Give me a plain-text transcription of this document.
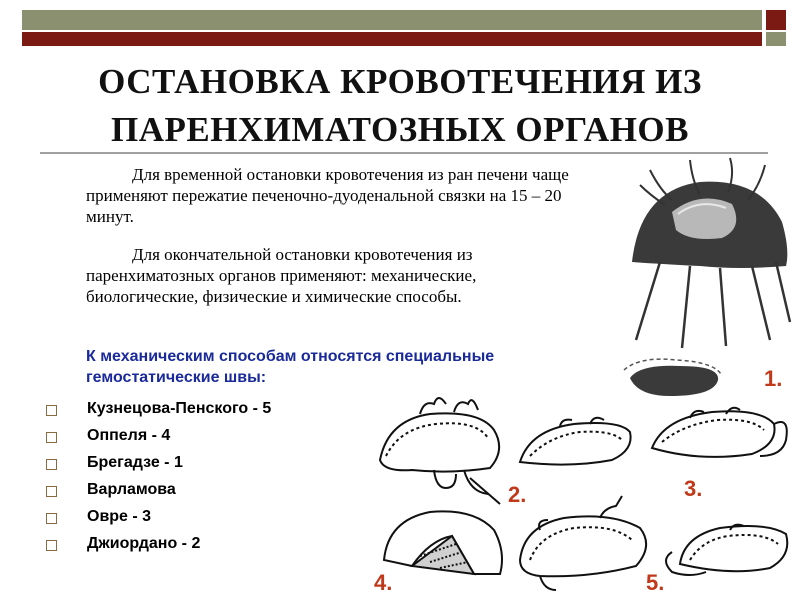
ОСТАНОВКА КРОВОТЕЧЕНИЯ ИЗ
ПАРЕНХИМАТОЗНЫХ ОРГАНОВ

Для временной остановки кровотечения из ран печени чаще применяют пережатие печеночно-дуоденальной связки на 15 – 20 минут.

Для окончательной остановки кровотечения из паренхиматозных органов применяют: механические, биологические, физические и химические способы.

К механическим способам относятся специальные гемостатические швы:
Кузнецова-Пенского - 5
Оппеля - 4
Брегадзе - 1
Варламова
Овре - 3
Джиордано - 2
1.
2.	3.
4.	5.
